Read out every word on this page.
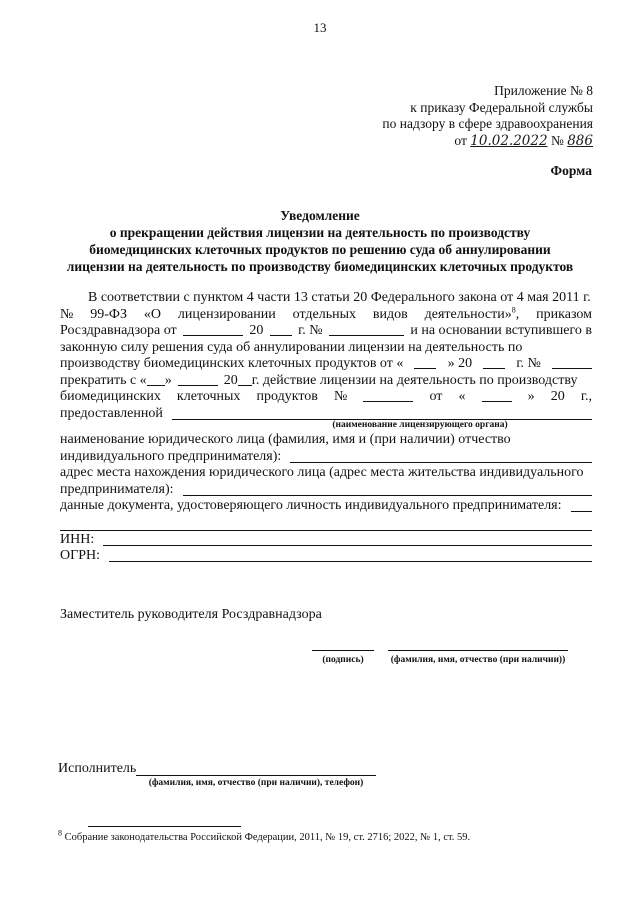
13
Приложение № 8
к приказу Федеральной службы
по надзору в сфере здравоохранения
от 10.02.2022 № 886
Форма
Уведомление
о прекращении действия лицензии на деятельность по производству
биомедицинских клеточных продуктов по решению суда об аннулировании
лицензии на деятельность по производству биомедицинских клеточных продуктов
В соответствии с пунктом 4 части 13 статьи 20 Федерального закона от 4 мая 2011 г.
№ 99-ФЗ «О лицензировании отдельных видов деятельности»$^8$, приказом
Росздравнадзора от	20 г. №	и на основании вступившего в
законную силу решения суда об аннулировании лицензии на деятельность по
производству биомедицинских клеточных продуктов от «	» 20	г. №
прекратить с « »	20 г. действие лицензии на деятельность по производству
биомедицинских клеточных продуктов №	от «	» 20 г.,
предоставленной
(наименование лицензирующего органа)
наименование юридического лица (фамилия, имя и (при наличии) отчество
индивидуального предпринимателя):
адрес места нахождения юридического лица (адрес места жительства индивидуального
предпринимателя):
данные документа, удостоверяющего личность индивидуального предпринимателя:
ИНН:
ОГРН:
Заместитель руководителя Росздравнадзора
(подпись)	(фамилия, имя, отчество (при наличии))
Исполнитель
(фамилия, имя, отчество (при наличии), телефон)
$^8$ Собрание законодательства Российской Федерации, 2011, № 19, ст. 2716; 2022, № 1, ст. 59.
